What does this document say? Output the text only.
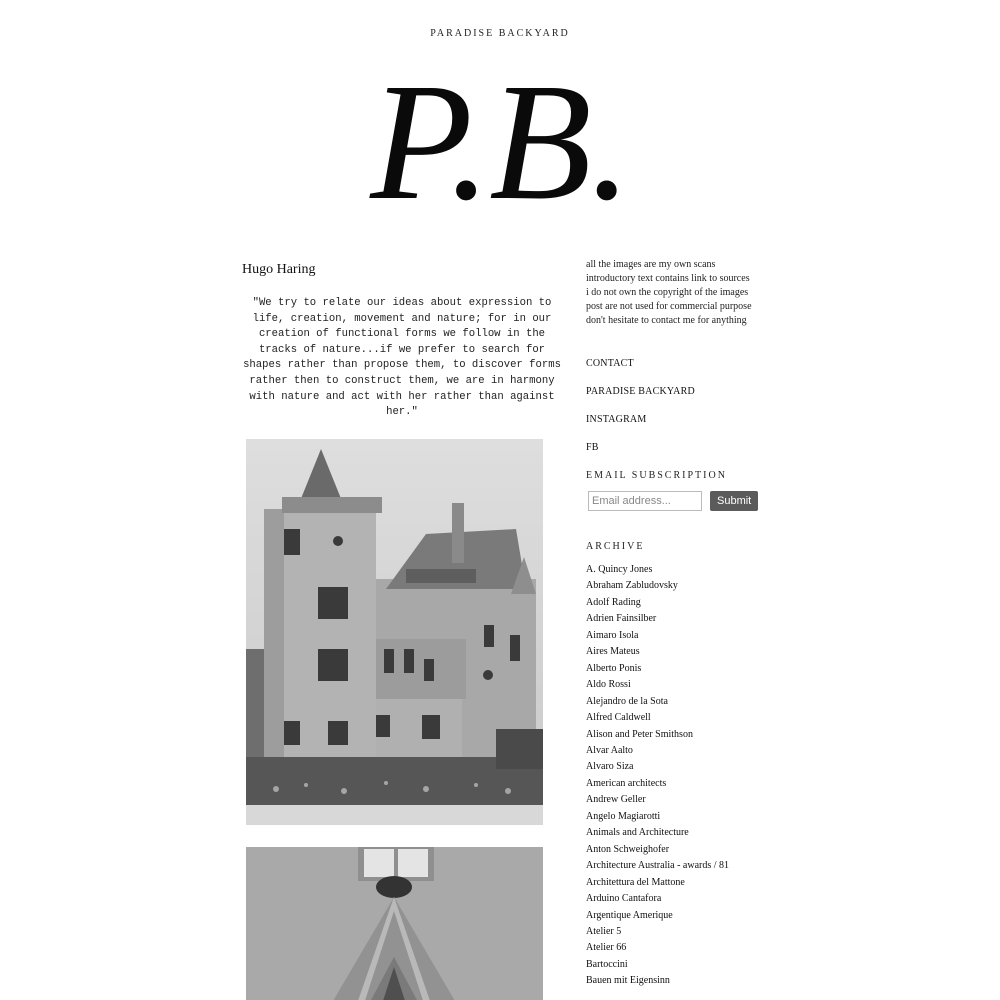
PARADISE BACKYARD
P.B.
Hugo Haring

"We try to relate our ideas about expression to life, creation, movement and nature; for in our creation of functional forms we follow in the tracks of nature...if we prefer to search for shapes rather than propose them, to discover forms rather then to construct them, we are in harmony with nature and act with her rather than against her."

all the images are my own scans
introductory text contains link to sources
i do not own the copyright of the images
post are not used for commercial purpose
don't hesitate to contact me for anything
CONTACT
PARADISE BACKYARD
INSTAGRAM
FB
EMAIL SUBSCRIPTION
Email address...
Submit
ARCHIVE
A. Quincy Jones
Abraham Zabludovsky
Adolf Rading
Adrien Fainsilber
Aimaro Isola
Aires Mateus
Alberto Ponis
Aldo Rossi
Alejandro de la Sota
Alfred Caldwell
Alison and Peter Smithson
Alvar Aalto
Alvaro Siza
American architects
Andrew Geller
Angelo Magiarotti
Animals and Architecture
Anton Schweighofer
Architecture Australia - awards / 81
Architettura del Mattone
Arduino Cantafora
Argentique Amerique
Atelier 5
Atelier 66
Bartoccini
Bauen mit Eigensinn
